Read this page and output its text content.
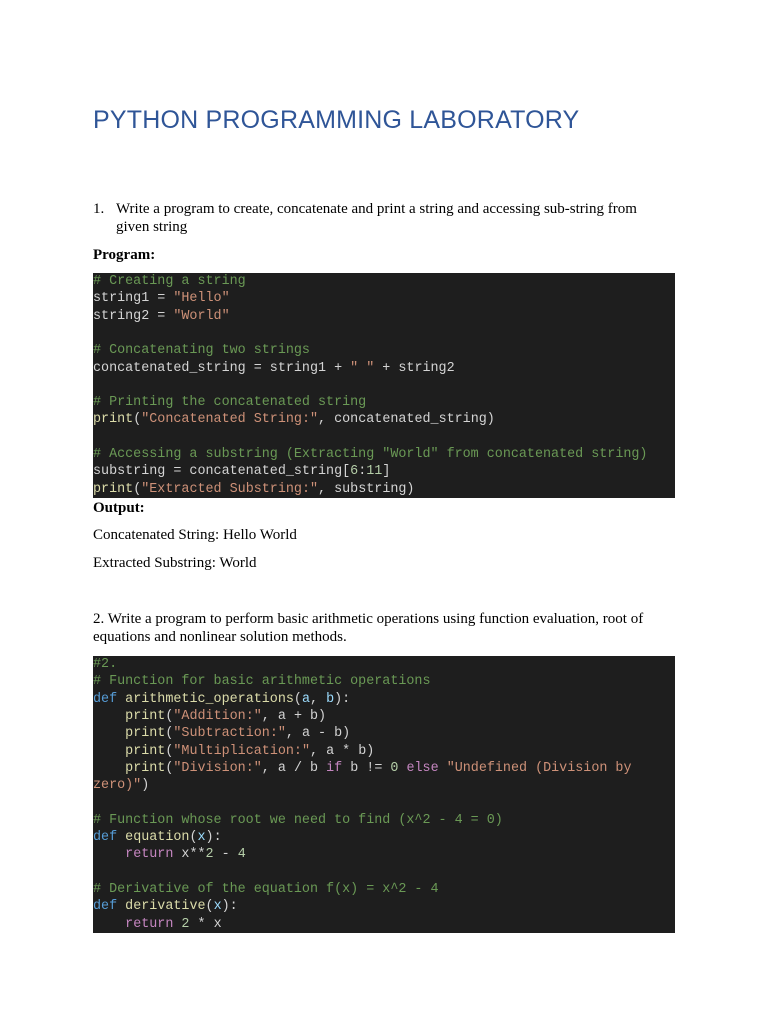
PYTHON PROGRAMMING LABORATORY
1. Write a program to create, concatenate and print a string and accessing sub-string from
given string
Program:
# Creating a string
string1 = "Hello"
string2 = "World"
# Concatenating two strings
concatenated_string = string1 + " " + string2
# Printing the concatenated string
print("Concatenated String:", concatenated_string)
# Accessing a substring (Extracting "World" from concatenated string)
substring = concatenated_string[6:11]
print("Extracted Substring:", substring)
Output:
Concatenated String: Hello World
Extracted Substring: World
2. Write a program to perform basic arithmetic operations using function evaluation, root of
equations and nonlinear solution methods.
#2.
# Function for basic arithmetic operations
def arithmetic_operations(a, b):
print("Addition:", a + b)
print("Subtraction:", a - b)
print("Multiplication:", a * b)
print("Division:", a / b if b != 0 else "Undefined (Division by
zero)")
# Function whose root we need to find (x^2 - 4 = 0)
def equation(x):
return x**2 - 4
# Derivative of the equation f(x) = x^2 - 4
def derivative(x):
return 2 * x
